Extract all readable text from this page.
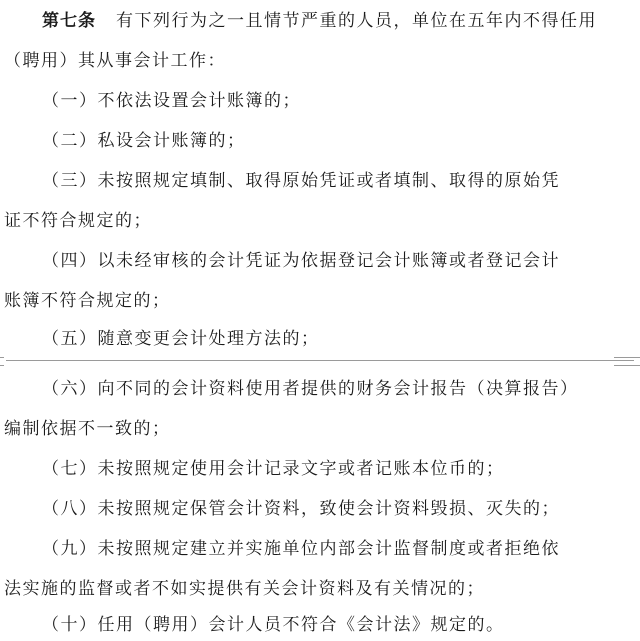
第七条 有下列行为之一且情节严重的人员，单位在五年内不得任用
（聘用）其从事会计工作：
（一）不依法设置会计账簿的；
（二）私设会计账簿的；
（三）未按照规定填制、取得原始凭证或者填制、取得的原始凭
证不符合规定的；
（四）以未经审核的会计凭证为依据登记会计账簿或者登记会计
账簿不符合规定的；
（五）随意变更会计处理方法的；
（六）向不同的会计资料使用者提供的财务会计报告（决算报告）
编制依据不一致的；
（七）未按照规定使用会计记录文字或者记账本位币的；
（八）未按照规定保管会计资料，致使会计资料毁损、灭失的；
（九）未按照规定建立并实施单位内部会计监督制度或者拒绝依
法实施的监督或者不如实提供有关会计资料及有关情况的；
（十）任用（聘用）会计人员不符合《会计法》规定的。
